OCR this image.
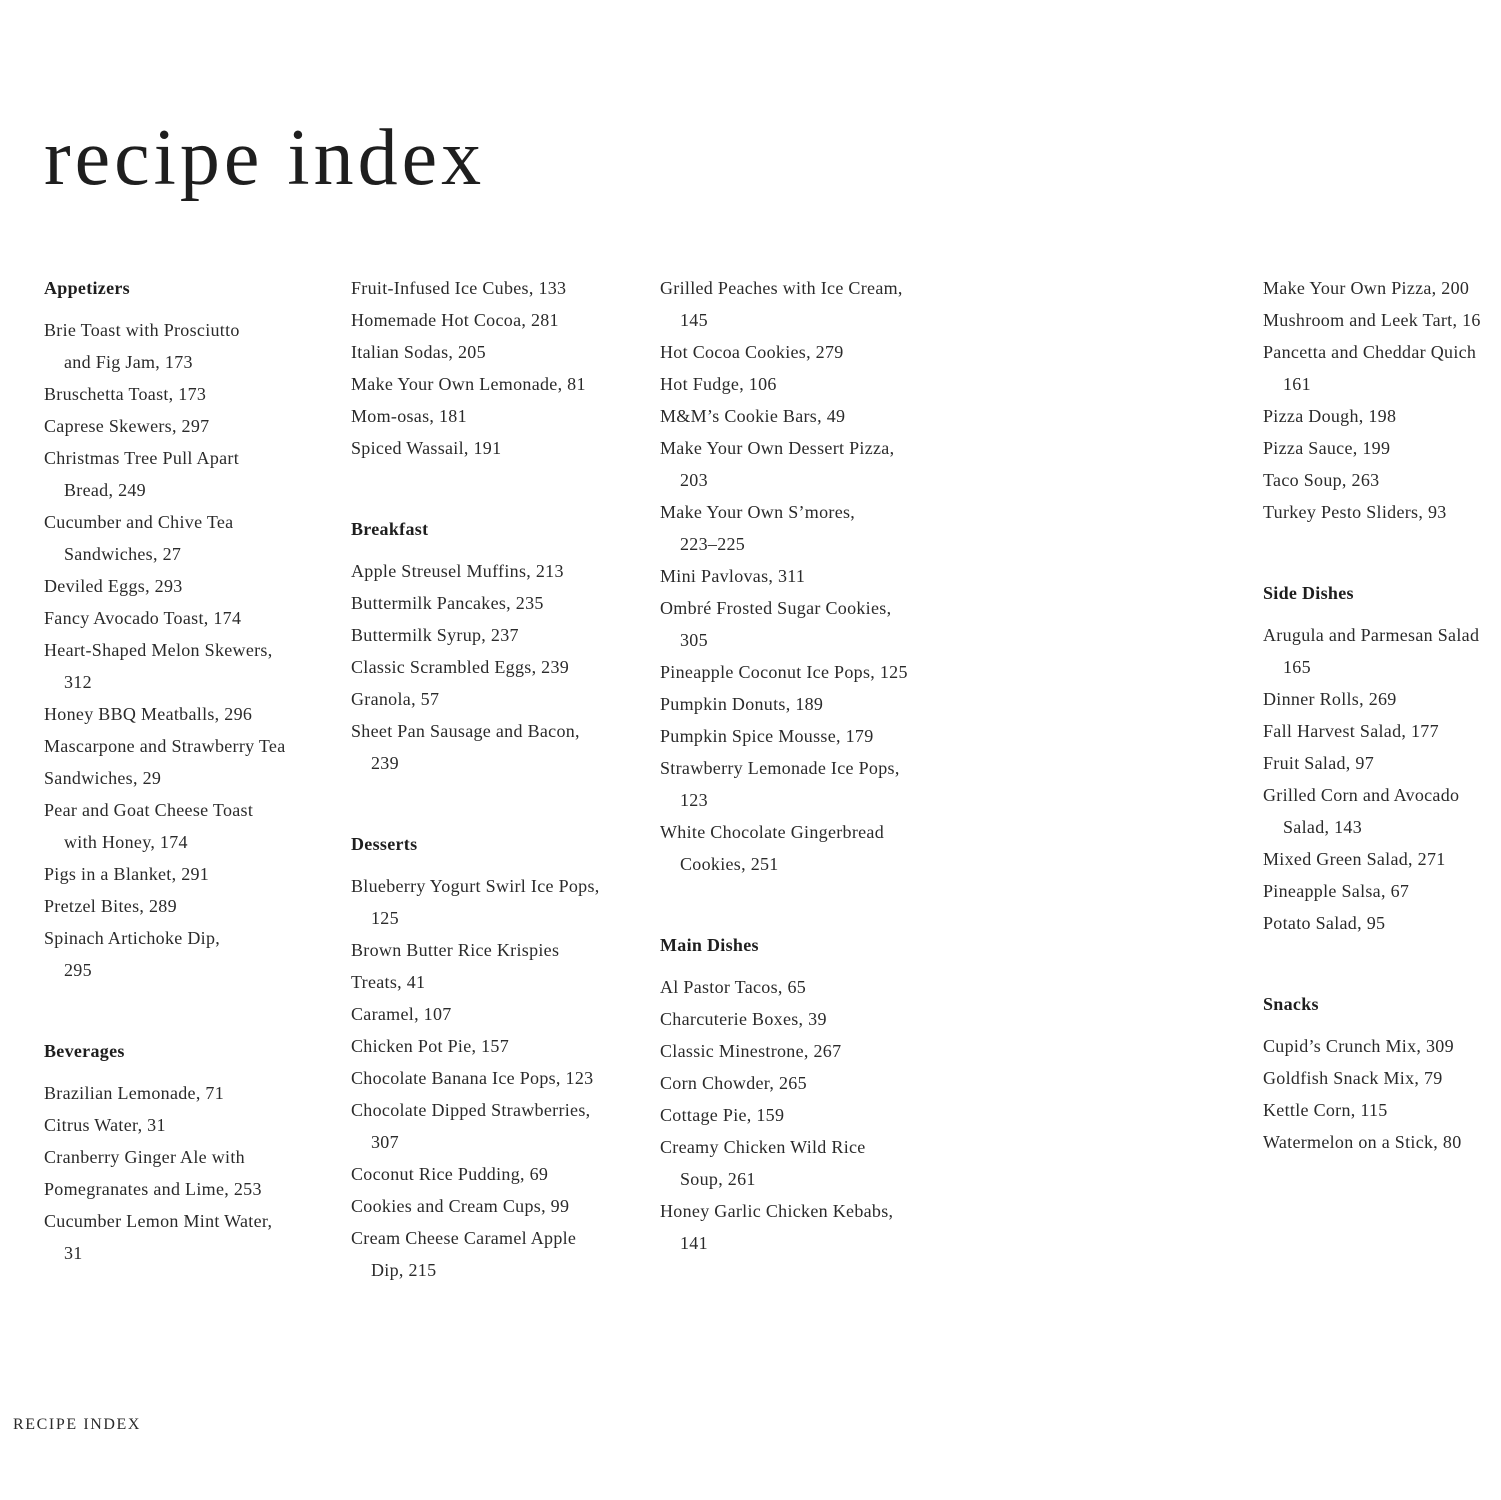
recipe index
Appetizers
Brie Toast with Prosciutto
and Fig Jam, 173
Bruschetta Toast, 173
Caprese Skewers, 297
Christmas Tree Pull Apart
Bread, 249
Cucumber and Chive Tea
Sandwiches, 27
Deviled Eggs, 293
Fancy Avocado Toast, 174
Heart-Shaped Melon Skewers,
312
Honey BBQ Meatballs, 296
Mascarpone and Strawberry Tea
Sandwiches, 29
Pear and Goat Cheese Toast
with Honey, 174
Pigs in a Blanket, 291
Pretzel Bites, 289
Spinach Artichoke Dip,
295
Beverages
Brazilian Lemonade, 71
Citrus Water, 31
Cranberry Ginger Ale with
Pomegranates and Lime, 253
Cucumber Lemon Mint Water,
31
Fruit-Infused Ice Cubes, 133
Homemade Hot Cocoa, 281
Italian Sodas, 205
Make Your Own Lemonade, 81
Mom-osas, 181
Spiced Wassail, 191
Breakfast
Apple Streusel Muffins, 213
Buttermilk Pancakes, 235
Buttermilk Syrup, 237
Classic Scrambled Eggs, 239
Granola, 57
Sheet Pan Sausage and Bacon,
239
Desserts
Blueberry Yogurt Swirl Ice Pops,
125
Brown Butter Rice Krispies
Treats, 41
Caramel, 107
Chicken Pot Pie, 157
Chocolate Banana Ice Pops, 123
Chocolate Dipped Strawberries,
307
Coconut Rice Pudding, 69
Cookies and Cream Cups, 99
Cream Cheese Caramel Apple
Dip, 215
Grilled Peaches with Ice Cream,
145
Hot Cocoa Cookies, 279
Hot Fudge, 106
M&M’s Cookie Bars, 49
Make Your Own Dessert Pizza,
203
Make Your Own S’mores,
223–225
Mini Pavlovas, 311
Ombré Frosted Sugar Cookies,
305
Pineapple Coconut Ice Pops, 125
Pumpkin Donuts, 189
Pumpkin Spice Mousse, 179
Strawberry Lemonade Ice Pops,
123
White Chocolate Gingerbread
Cookies, 251
Main Dishes
Al Pastor Tacos, 65
Charcuterie Boxes, 39
Classic Minestrone, 267
Corn Chowder, 265
Cottage Pie, 159
Creamy Chicken Wild Rice
Soup, 261
Honey Garlic Chicken Kebabs,
141
Make Your Own Pizza, 200
Mushroom and Leek Tart, 16
Pancetta and Cheddar Quich
161
Pizza Dough, 198
Pizza Sauce, 199
Taco Soup, 263
Turkey Pesto Sliders, 93
Side Dishes
Arugula and Parmesan Salad
165
Dinner Rolls, 269
Fall Harvest Salad, 177
Fruit Salad, 97
Grilled Corn and Avocado
Salad, 143
Mixed Green Salad, 271
Pineapple Salsa, 67
Potato Salad, 95
Snacks
Cupid’s Crunch Mix, 309
Goldfish Snack Mix, 79
Kettle Corn, 115
Watermelon on a Stick, 80
RECIPE INDEX
